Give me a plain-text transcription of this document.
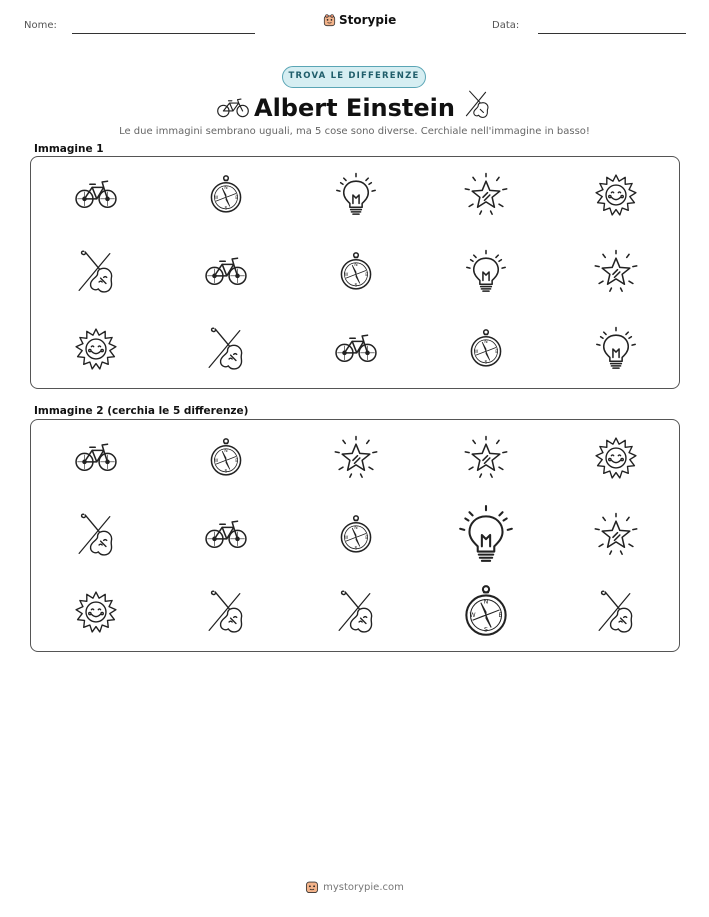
Nome:	Storypie	Data:
TROVA LE DIFFERENZE
Albert Einstein
Le due immagini sembrano uguali, ma 5 cose sono diverse. Cerchiale nell'immagine in basso!
Immagine 1
N
S
W	E
N
S
W	E
N
S
W	E
Immagine 2 (cerchia le 5 differenze)
N
S
W	E
N
S
W	E
N
S
W	E
mystorypie.com
